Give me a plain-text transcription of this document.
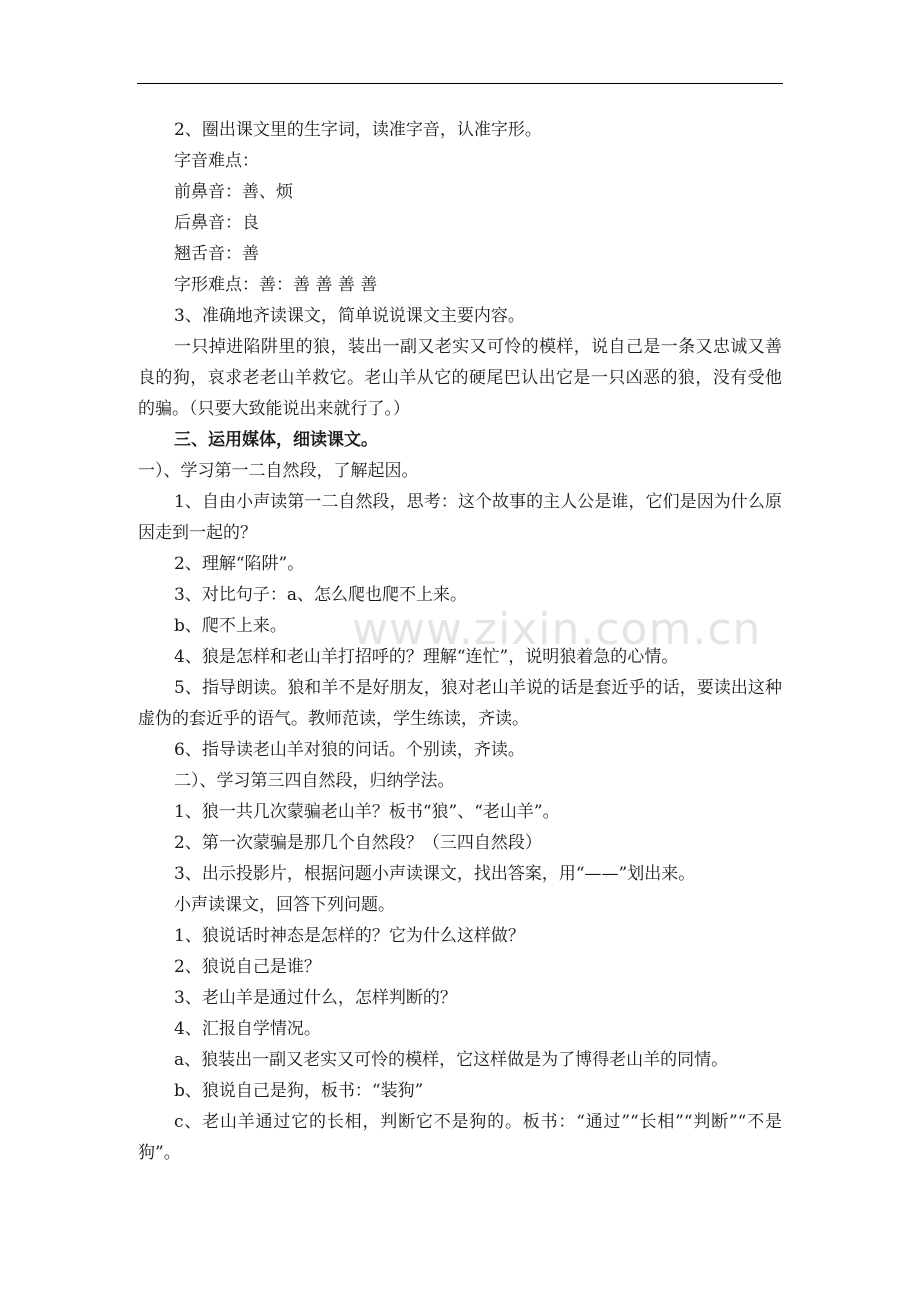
www.zixin.com.cn

2、圈出课文里的生字词，读准字音，认准字形。

字音难点：

前鼻音：善、烦

后鼻音：良

翘舌音：善

字形难点：善：善 善 善 善

3、准确地齐读课文，简单说说课文主要内容。

一只掉进陷阱里的狼，装出一副又老实又可怜的模样，说自己是一条又忠诚又善良的狗，哀求老老山羊救它。老山羊从它的硬尾巴认出它是一只凶恶的狼，没有受他的骗。（只要大致能说出来就行了。）

三、运用媒体，细读课文。

一）、学习第一二自然段，了解起因。

1、自由小声读第一二自然段，思考：这个故事的主人公是谁，它们是因为什么原因走到一起的？

2、理解“陷阱”。

3、对比句子：a、怎么爬也爬不上来。

b、爬不上来。

4、狼是怎样和老山羊打招呼的？理解“连忙”，说明狼着急的心情。

5、指导朗读。狼和羊不是好朋友，狼对老山羊说的话是套近乎的话，要读出这种虚伪的套近乎的语气。教师范读，学生练读，齐读。

6、指导读老山羊对狼的问话。个别读，齐读。

二）、学习第三四自然段，归纳学法。

1、狼一共几次蒙骗老山羊？板书“狼”、“老山羊”。

2、第一次蒙骗是那几个自然段？（三四自然段）

3、出示投影片，根据问题小声读课文，找出答案，用“——”划出来。

小声读课文，回答下列问题。

1、狼说话时神态是怎样的？它为什么这样做？

2、狼说自己是谁？

3、老山羊是通过什么，怎样判断的？

4、汇报自学情况。

a、狼装出一副又老实又可怜的模样，它这样做是为了博得老山羊的同情。

b、狼说自己是狗，板书：“装狗”

c、老山羊通过它的长相，判断它不是狗的。板书：“通过”“长相”“判断”“不是狗”。
